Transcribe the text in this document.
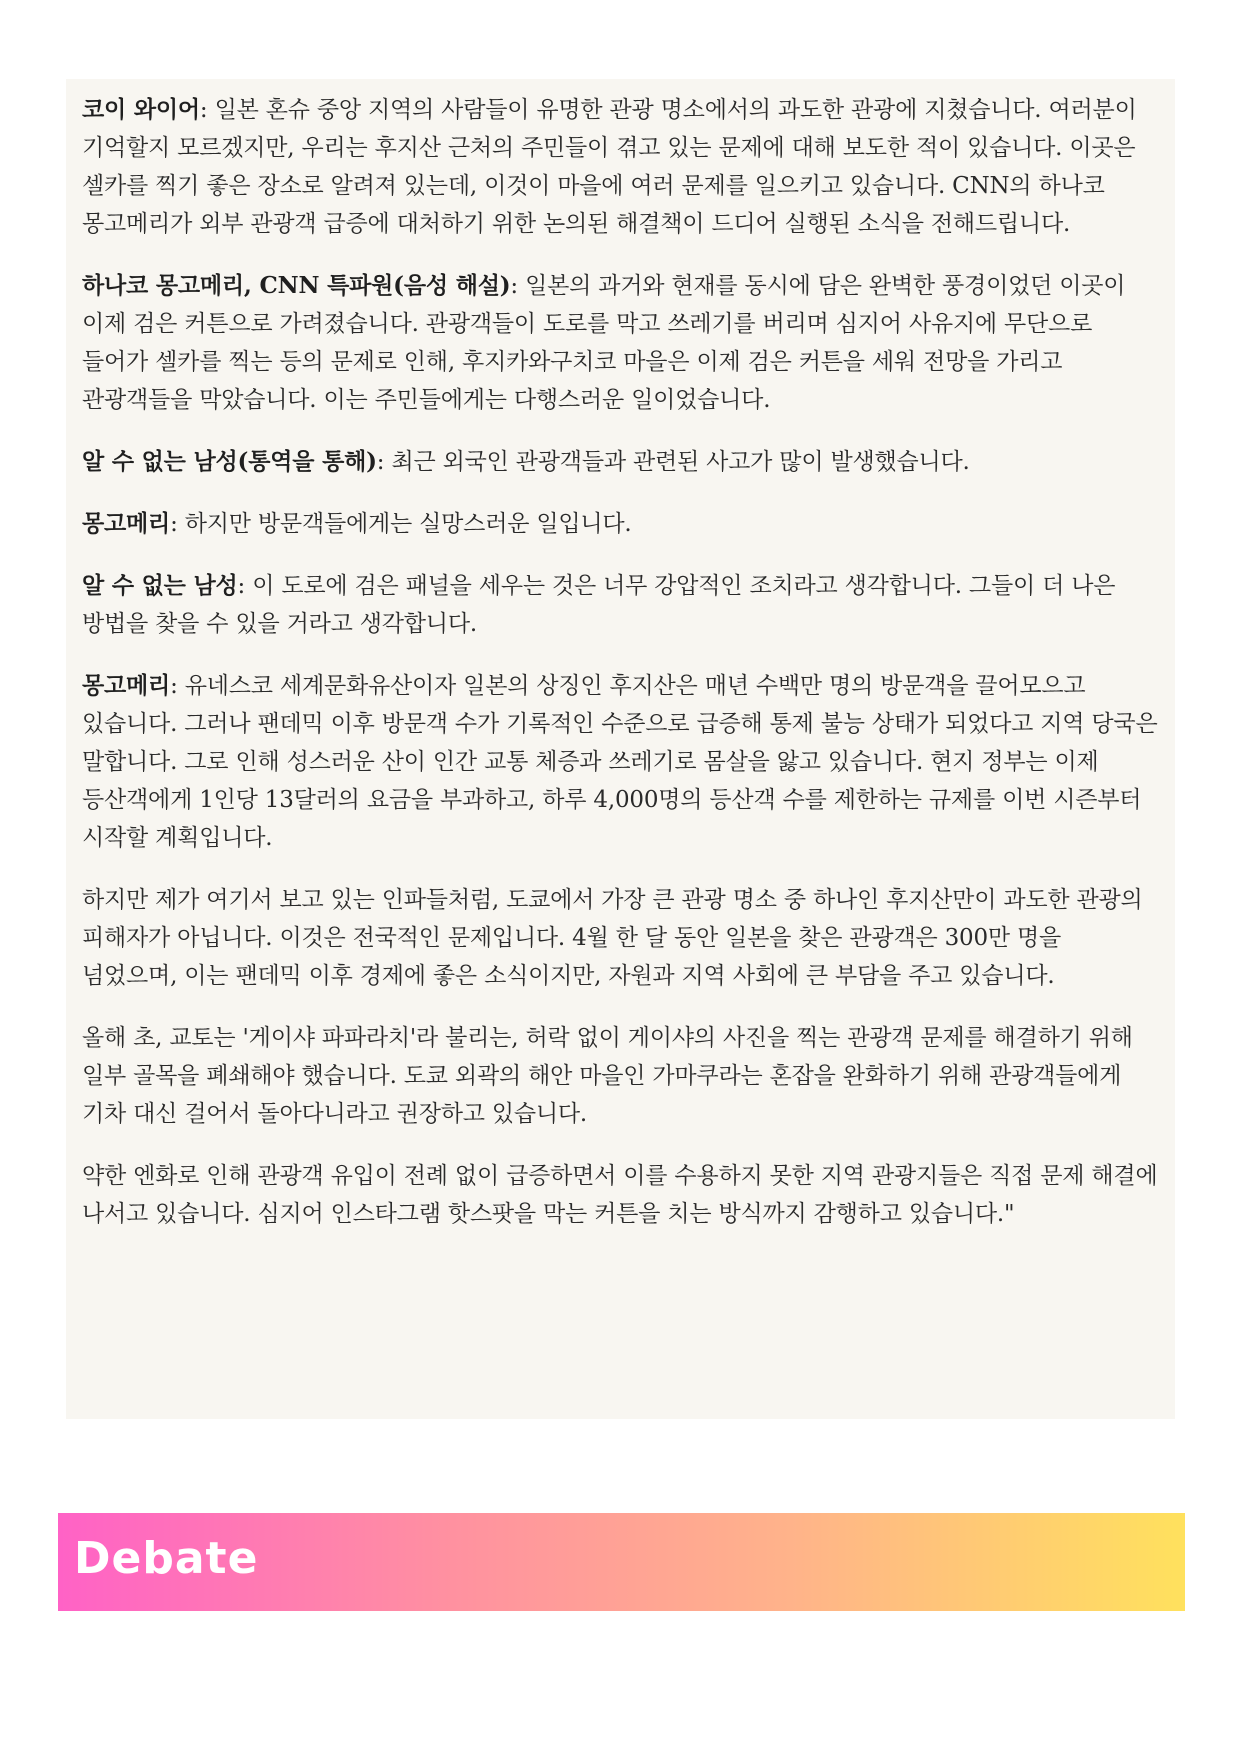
코이 와이어: 일본 혼슈 중앙 지역의 사람들이 유명한 관광 명소에서의 과도한 관광에 지쳤습니다. 여러분이 기억할지 모르겠지만, 우리는 후지산 근처의 주민들이 겪고 있는 문제에 대해 보도한 적이 있습니다. 이곳은 셀카를 찍기 좋은 장소로 알려져 있는데, 이것이 마을에 여러 문제를 일으키고 있습니다. CNN의 하나코 몽고메리가 외부 관광객 급증에 대처하기 위한 논의된 해결책이 드디어 실행된 소식을 전해드립니다.

하나코 몽고메리, CNN 특파원(음성 해설): 일본의 과거와 현재를 동시에 담은 완벽한 풍경이었던 이곳이 이제 검은 커튼으로 가려졌습니다. 관광객들이 도로를 막고 쓰레기를 버리며 심지어 사유지에 무단으로 들어가 셀카를 찍는 등의 문제로 인해, 후지카와구치코 마을은 이제 검은 커튼을 세워 전망을 가리고 관광객들을 막았습니다. 이는 주민들에게는 다행스러운 일이었습니다.

알 수 없는 남성(통역을 통해): 최근 외국인 관광객들과 관련된 사고가 많이 발생했습니다.

몽고메리: 하지만 방문객들에게는 실망스러운 일입니다.

알 수 없는 남성: 이 도로에 검은 패널을 세우는 것은 너무 강압적인 조치라고 생각합니다. 그들이 더 나은 방법을 찾을 수 있을 거라고 생각합니다.

몽고메리: 유네스코 세계문화유산이자 일본의 상징인 후지산은 매년 수백만 명의 방문객을 끌어모으고 있습니다. 그러나 팬데믹 이후 방문객 수가 기록적인 수준으로 급증해 통제 불능 상태가 되었다고 지역 당국은 말합니다. 그로 인해 성스러운 산이 인간 교통 체증과 쓰레기로 몸살을 앓고 있습니다. 현지 정부는 이제 등산객에게 1인당 13달러의 요금을 부과하고, 하루 4,000명의 등산객 수를 제한하는 규제를 이번 시즌부터 시작할 계획입니다.

하지만 제가 여기서 보고 있는 인파들처럼, 도쿄에서 가장 큰 관광 명소 중 하나인 후지산만이 과도한 관광의 피해자가 아닙니다. 이것은 전국적인 문제입니다. 4월 한 달 동안 일본을 찾은 관광객은 300만 명을 넘었으며, 이는 팬데믹 이후 경제에 좋은 소식이지만, 자원과 지역 사회에 큰 부담을 주고 있습니다.

올해 초, 교토는 '게이샤 파파라치'라 불리는, 허락 없이 게이샤의 사진을 찍는 관광객 문제를 해결하기 위해 일부 골목을 폐쇄해야 했습니다. 도쿄 외곽의 해안 마을인 가마쿠라는 혼잡을 완화하기 위해 관광객들에게 기차 대신 걸어서 돌아다니라고 권장하고 있습니다.

약한 엔화로 인해 관광객 유입이 전례 없이 급증하면서 이를 수용하지 못한 지역 관광지들은 직접 문제 해결에 나서고 있습니다. 심지어 인스타그램 핫스팟을 막는 커튼을 치는 방식까지 감행하고 있습니다."

Debate
